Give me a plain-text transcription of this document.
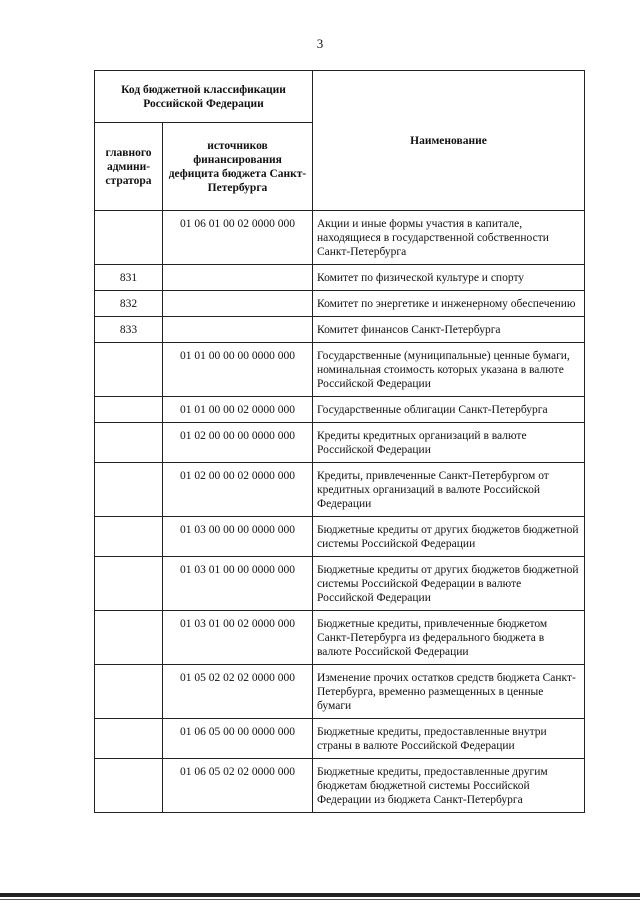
3
Код бюджетной классификации Российской Федерации		Наименование
главного админи-стратора	источников финансирования дефицита бюджета Санкт-Петербурга	
	01 06 01 00 02 0000 000	Акции и иные формы участия в капитале, находящиеся в государственной собственности Санкт-Петербурга
831		Комитет по физической культуре и спорту
832		Комитет по энергетике и инженерному обеспечению
833		Комитет финансов Санкт-Петербурга
	01 01 00 00 00 0000 000	Государственные (муниципальные) ценные бумаги, номинальная стоимость которых указана в валюте Российской Федерации
	01 01 00 00 02 0000 000	Государственные облигации Санкт-Петербурга
	01 02 00 00 00 0000 000	Кредиты кредитных организаций в валюте Российской Федерации
	01 02 00 00 02 0000 000	Кредиты, привлеченные Санкт-Петербургом от кредитных организаций в валюте Российской Федерации
	01 03 00 00 00 0000 000	Бюджетные кредиты от других бюджетов бюджетной системы Российской Федерации
	01 03 01 00 00 0000 000	Бюджетные кредиты от других бюджетов бюджетной системы Российской Федерации в валюте Российской Федерации
	01 03 01 00 02 0000 000	Бюджетные кредиты, привлеченные бюджетом Санкт-Петербурга из федерального бюджета в валюте Российской Федерации
	01 05 02 02 02 0000 000	Изменение прочих остатков средств бюджета Санкт-Петербурга, временно размещенных в ценные бумаги
	01 06 05 00 00 0000 000	Бюджетные кредиты, предоставленные внутри страны в валюте Российской Федерации
	01 06 05 02 02 0000 000	Бюджетные кредиты, предоставленные другим бюджетам бюджетной системы Российской Федерации из бюджета Санкт-Петербурга
